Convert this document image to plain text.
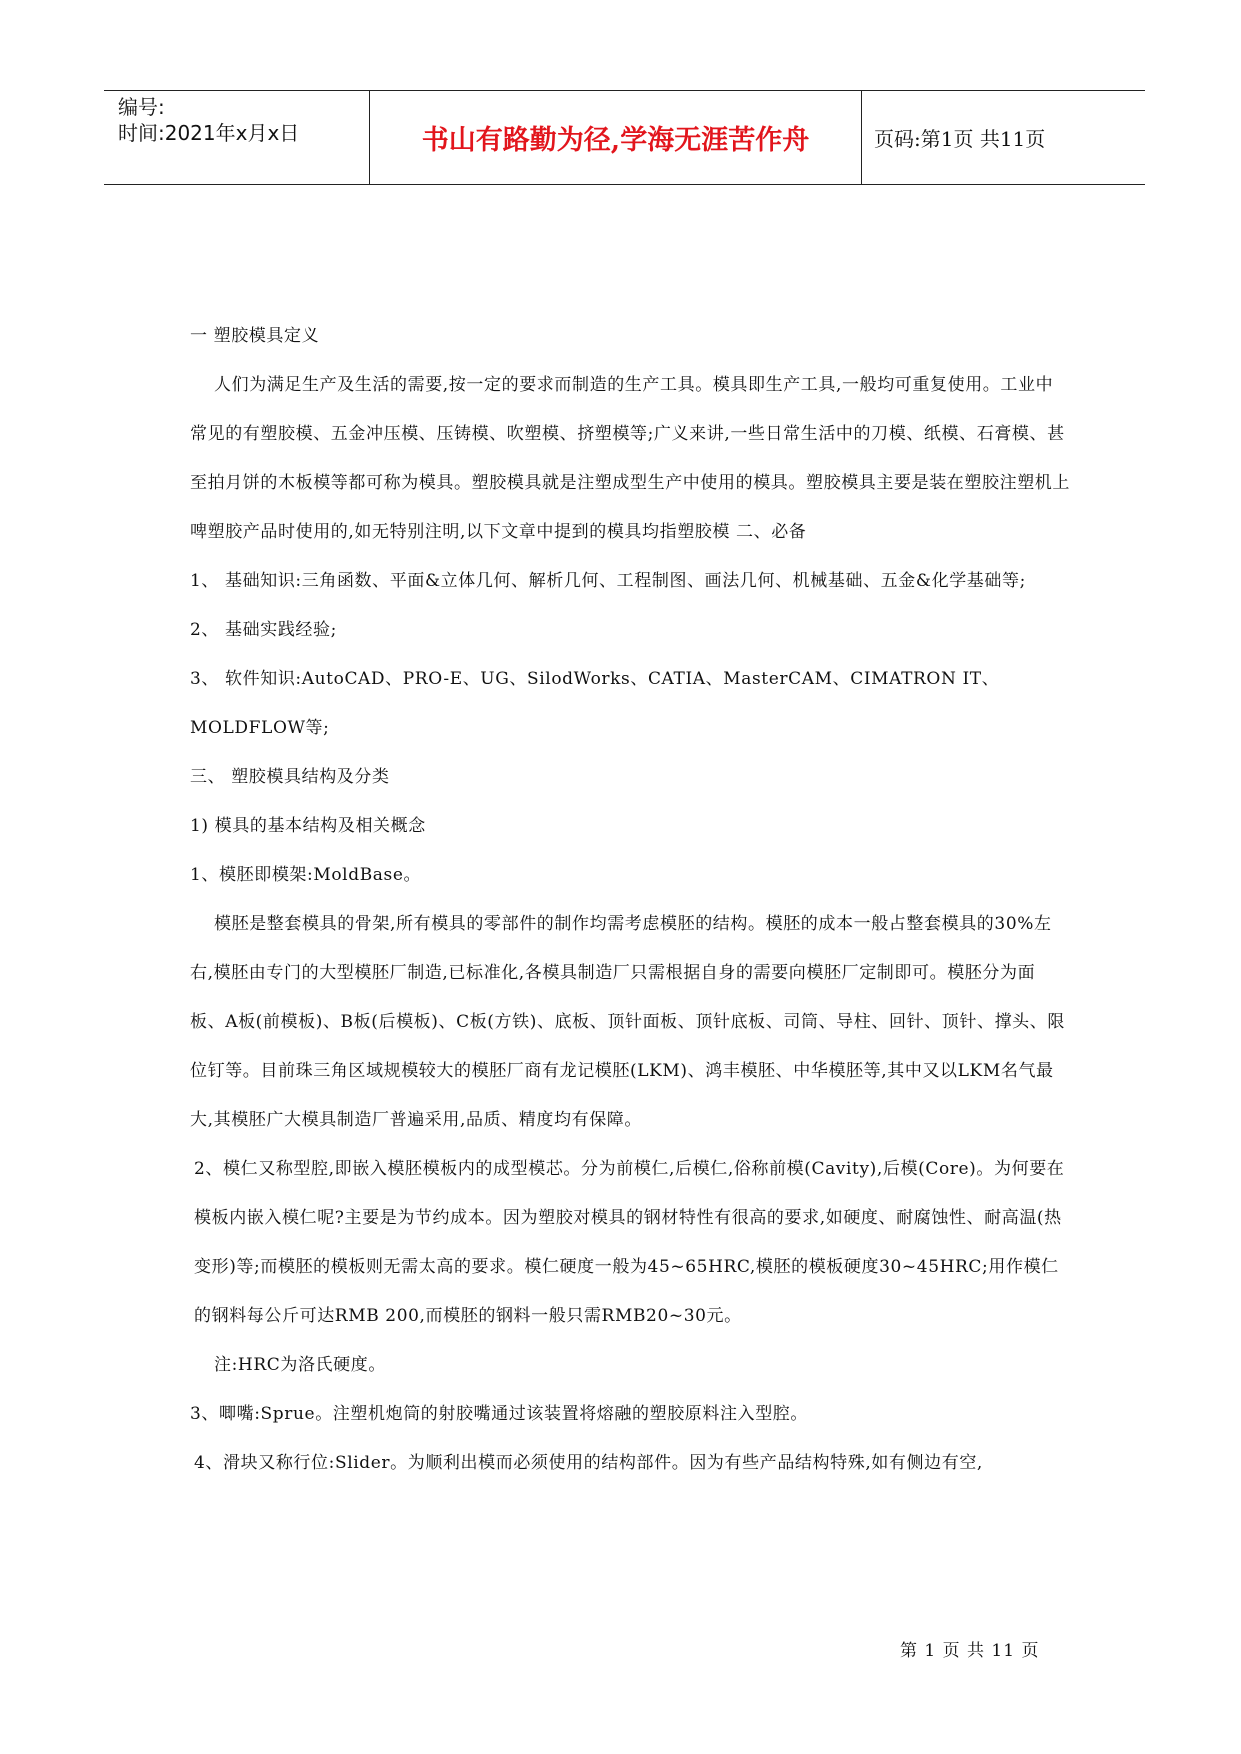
编号:
时间:2021年x月x日	书山有路勤为径,学海无涯苦作舟	页码:第1页 共11页

一 塑胶模具定义

人们为满足生产及生活的需要,按一定的要求而制造的生产工具。模具即生产工具,一般均可重复使用。工业中常见的有塑胶模、五金冲压模、压铸模、吹塑模、挤塑模等;广义来讲,一些日常生活中的刀模、纸模、石膏模、甚至拍月饼的木板模等都可称为模具。塑胶模具就是注塑成型生产中使用的模具。塑胶模具主要是装在塑胶注塑机上啤塑胶产品时使用的,如无特别注明,以下文章中提到的模具均指塑胶模 二、必备

1、 基础知识:三角函数、平面&立体几何、解析几何、工程制图、画法几何、机械基础、五金&化学基础等;

2、 基础实践经验;

3、 软件知识:AutoCAD、PRO-E、UG、SilodWorks、CATIA、MasterCAM、CIMATRON IT、MOLDFLOW等;

三、 塑胶模具结构及分类

1) 模具的基本结构及相关概念

1、模胚即模架:MoldBase。

模胚是整套模具的骨架,所有模具的零部件的制作均需考虑模胚的结构。模胚的成本一般占整套模具的30%左右,模胚由专门的大型模胚厂制造,已标准化,各模具制造厂只需根据自身的需要向模胚厂定制即可。模胚分为面板、A板(前模板)、B板(后模板)、C板(方铁)、底板、顶针面板、顶针底板、司筒、导柱、回针、顶针、撑头、限位钉等。目前珠三角区域规模较大的模胚厂商有龙记模胚(LKM)、鸿丰模胚、中华模胚等,其中又以LKM名气最大,其模胚广大模具制造厂普遍采用,品质、精度均有保障。

2、模仁又称型腔,即嵌入模胚模板内的成型模芯。分为前模仁,后模仁,俗称前模(Cavity),后模(Core)。为何要在模板内嵌入模仁呢?主要是为节约成本。因为塑胶对模具的钢材特性有很高的要求,如硬度、耐腐蚀性、耐高温(热变形)等;而模胚的模板则无需太高的要求。模仁硬度一般为45~65HRC,模胚的模板硬度30~45HRC;用作模仁的钢料每公斤可达RMB 200,而模胚的钢料一般只需RMB20~30元。

注:HRC为洛氏硬度。

3、唧嘴:Sprue。注塑机炮筒的射胶嘴通过该装置将熔融的塑胶原料注入型腔。

4、滑块又称行位:Slider。为顺利出模而必须使用的结构部件。因为有些产品结构特殊,如有侧边有空,

第 1 页 共 11 页
